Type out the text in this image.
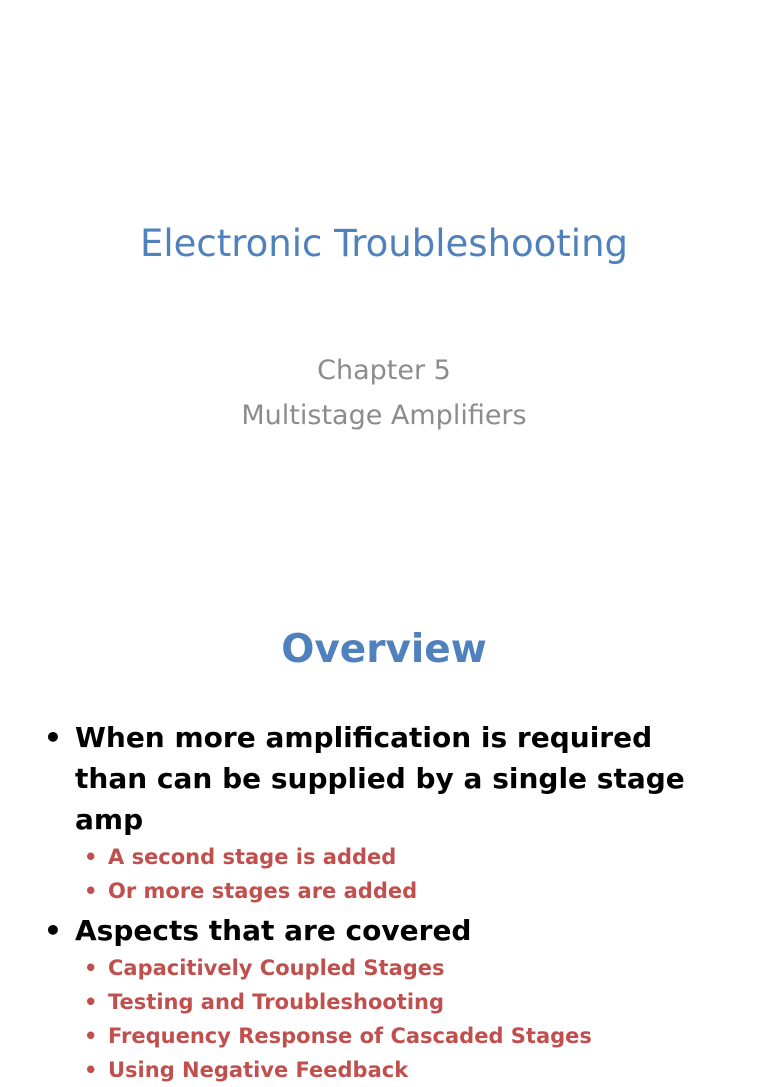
Electronic Troubleshooting
Chapter 5
Multistage Amplifiers
Overview
• When more amplification is required than can be supplied by a single stage amp
• A second stage is added
• Or more stages are added
• Aspects that are covered
• Capacitively Coupled Stages
• Testing and Troubleshooting
• Frequency Response of Cascaded Stages
• Using Negative Feedback
